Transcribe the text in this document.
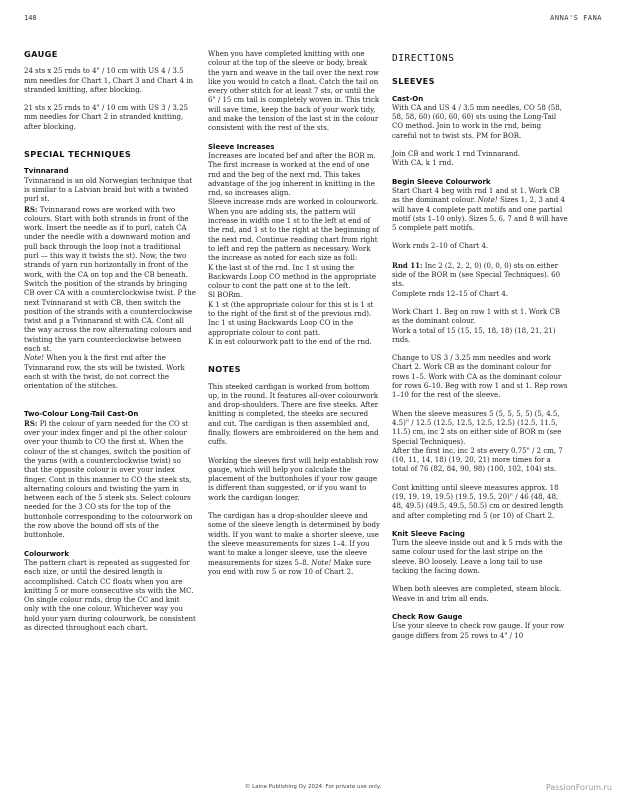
148	ANNA'S FANA
GAUGE

24 sts x 25 rnds to 4" / 10 cm with US 4 / 3.5 mm needles for Chart 1, Chart 3 and Chart 4 in stranded knitting, after blocking.

21 sts x 25 rnds to 4" / 10 cm with US 3 / 3.25 mm needles for Chart 2 in stranded knitting, after blocking.

SPECIAL TECHNIQUES
Tvinnarand

Tvinnarand is an old Norwegian technique that is similar to a Latvian braid but with a twisted purl st.

RS: Tvinnarand rows are worked with two colours. Start with both strands in front of the work. Insert the needle as if to purl, catch CA under the needle with a downward motion and pull back through the loop (not a traditional purl — this way it twists the st). Now, the two strands of yarn run horizontally in front of the work, with the CA on top and the CB beneath. Switch the position of the strands by bringing CB over CA with a counterclockwise twist. P the next Tvinnarand st with CB, then switch the position of the strands with a counterclockwise twist and p a Tvinnarand st with CA. Cont all the way across the row alternating colours and twisting the yarn counterclockwise between each st.

Note! When you k the first rnd after the Tvinnarand row, the sts will be twisted. Work each st with the twist, do not correct the orientation of the stitches.

Two-Colour Long-Tail Cast-On

RS: Pl the colour of yarn needed for the CO st over your index finger and pl the other colour over your thumb to CO the first st. When the colour of the st changes, switch the position of the yarns (with a counterclockwise twist) so that the opposite colour is over your index finger. Cont in this manner to CO the steek sts, alternating colours and twisting the yarn in between each of the 5 steek sts. Select colours needed for the 3 CO sts for the top of the buttonhole corresponding to the colourwork on the row above the bound off sts of the buttonhole.

Colourwork

The pattern chart is repeated as suggested for each size, or until the desired length is accomplished. Catch CC floats when you are knitting 5 or more consecutive sts with the MC. On single colour rnds, drop the CC and knit only with the one colour. Whichever way you hold your yarn during colourwork, be consistent as directed throughout each chart.

When you have completed knitting with one colour at the top of the sleeve or body, break the yarn and weave in the tail over the next row like you would to catch a float. Catch the tail on every other stitch for at least 7 sts, or until the 6" / 15 cm tail is completely woven in. This trick will save time, keep the back of your work tidy, and make the tension of the last st in the colour consistent with the rest of the sts.

Sleeve Increases

Increases are located bef and after the BOR m. The first increase is worked at the end of one rnd and the beg of the next rnd. This takes advantage of the jog inherent in knitting in the rnd, so increases align.

Sleeve increase rnds are worked in colourwork. When you are adding sts, the pattern will increase in width one 1 st to the left at end of the rnd, and 1 st to the right at the beginning of the next rnd. Continue reading chart from right to left and rep the pattern as necessary. Work the increase as noted for each size as foll:

K the last st of the rnd. Inc 1 st using the Backwards Loop CO method in the appropriate colour to cont the patt one st to the left.

Sl BORm.

K 1 st (the appropriate colour for this st is 1 st to the right of the first st of the previous rnd). Inc 1 st using Backwards Loop CO in the appropriate colour to cont patt.

K in est colourwork patt to the end of the rnd.

NOTES

This steeked cardigan is worked from bottom up, in the round. It features all-over colourwork and drop-shoulders. There are five steeks. After knitting is completed, the steeks are secured and cut. The cardigan is then assembled and, finally, flowers are embroidered on the hem and cuffs.

Working the sleeves first will help establish row gauge, which will help you calculate the placement of the buttonholes if your row gauge is different than suggested, or if you want to work the cardigan longer.

The cardigan has a drop-shoulder sleeve and some of the sleeve length is determined by body width. If you want to make a shorter sleeve, use the sleeve measurements for sizes 1–4. If you want to make a longer sleeve, use the sleeve measurements for sizes 5–8. Note! Make sure you end with row 5 or row 10 of Chart 2.

DIRECTIONS
SLEEVES
Cast-On

With CA and US 4 / 3.5 mm needles, CO 58 (58, 58, 58, 60) (60, 60, 60) sts using the Long-Tail CO method. Join to work in the rnd, being careful not to twist sts. PM for BOR.

Join CB and work 1 rnd Tvinnarand.
With CA, k 1 rnd.

Begin Sleeve Colourwork

Start Chart 4 beg with rnd 1 and st 1. Work CB as the dominant colour. Note! Sizes 1, 2, 3 and 4 will have 4 complete patt motifs and one partial motif (sts 1–10 only). Sizes 5, 6, 7 and 8 will have 5 complete patt motifs.

Work rnds 2–10 of Chart 4.

Rnd 11: Inc 2 (2, 2, 2, 0) (0, 0, 0) sts on either side of the BOR m (see Special Techniques). 60 sts.

Complete rnds 12–15 of Chart 4.

Work Chart 1. Beg on row 1 with st 1. Work CB as the dominant colour.

Work a total of 15 (15, 15, 18, 18) (18, 21, 21) rnds.

Change to US 3 / 3.25 mm needles and work Chart 2. Work CB as the dominant colour for rows 1–5. Work with CA as the dominant colour for rows 6–10. Beg with row 1 and st 1. Rep rows 1–10 for the rest of the sleeve.

When the sleeve measures 5 (5, 5, 5, 5) (5, 4.5, 4.5)" / 12.5 (12.5, 12.5, 12.5, 12.5) (12.5, 11.5, 11.5) cm, inc 2 sts on either side of BOR m (see Special Techniques).

After the first inc, inc 2 sts every 0.75" / 2 cm, 7 (10, 11, 14, 18) (19, 20, 21) more times for a total of 76 (82, 84, 90, 98) (100, 102, 104) sts.

Cont knitting until sleeve measures approx. 18 (19, 19, 19, 19.5) (19.5, 19.5, 20)" / 46 (48, 48, 48, 49.5) (49.5, 49.5, 50.5) cm or desired length and after completing rnd 5 (or 10) of Chart 2.

Knit Sleeve Facing

Turn the sleeve inside out and k 5 rnds with the same colour used for the last stripe on the sleeve. BO loosely. Leave a long tail to use tacking the facing down.

When both sleeves are completed, steam block. Weave in and trim all ends.

Check Row Gauge

Use your sleeve to check row gauge. If your row gauge differs from 25 rows to 4" / 10

© Laine Publishing Oy 2024. For private use only.	PassionForum.ru
